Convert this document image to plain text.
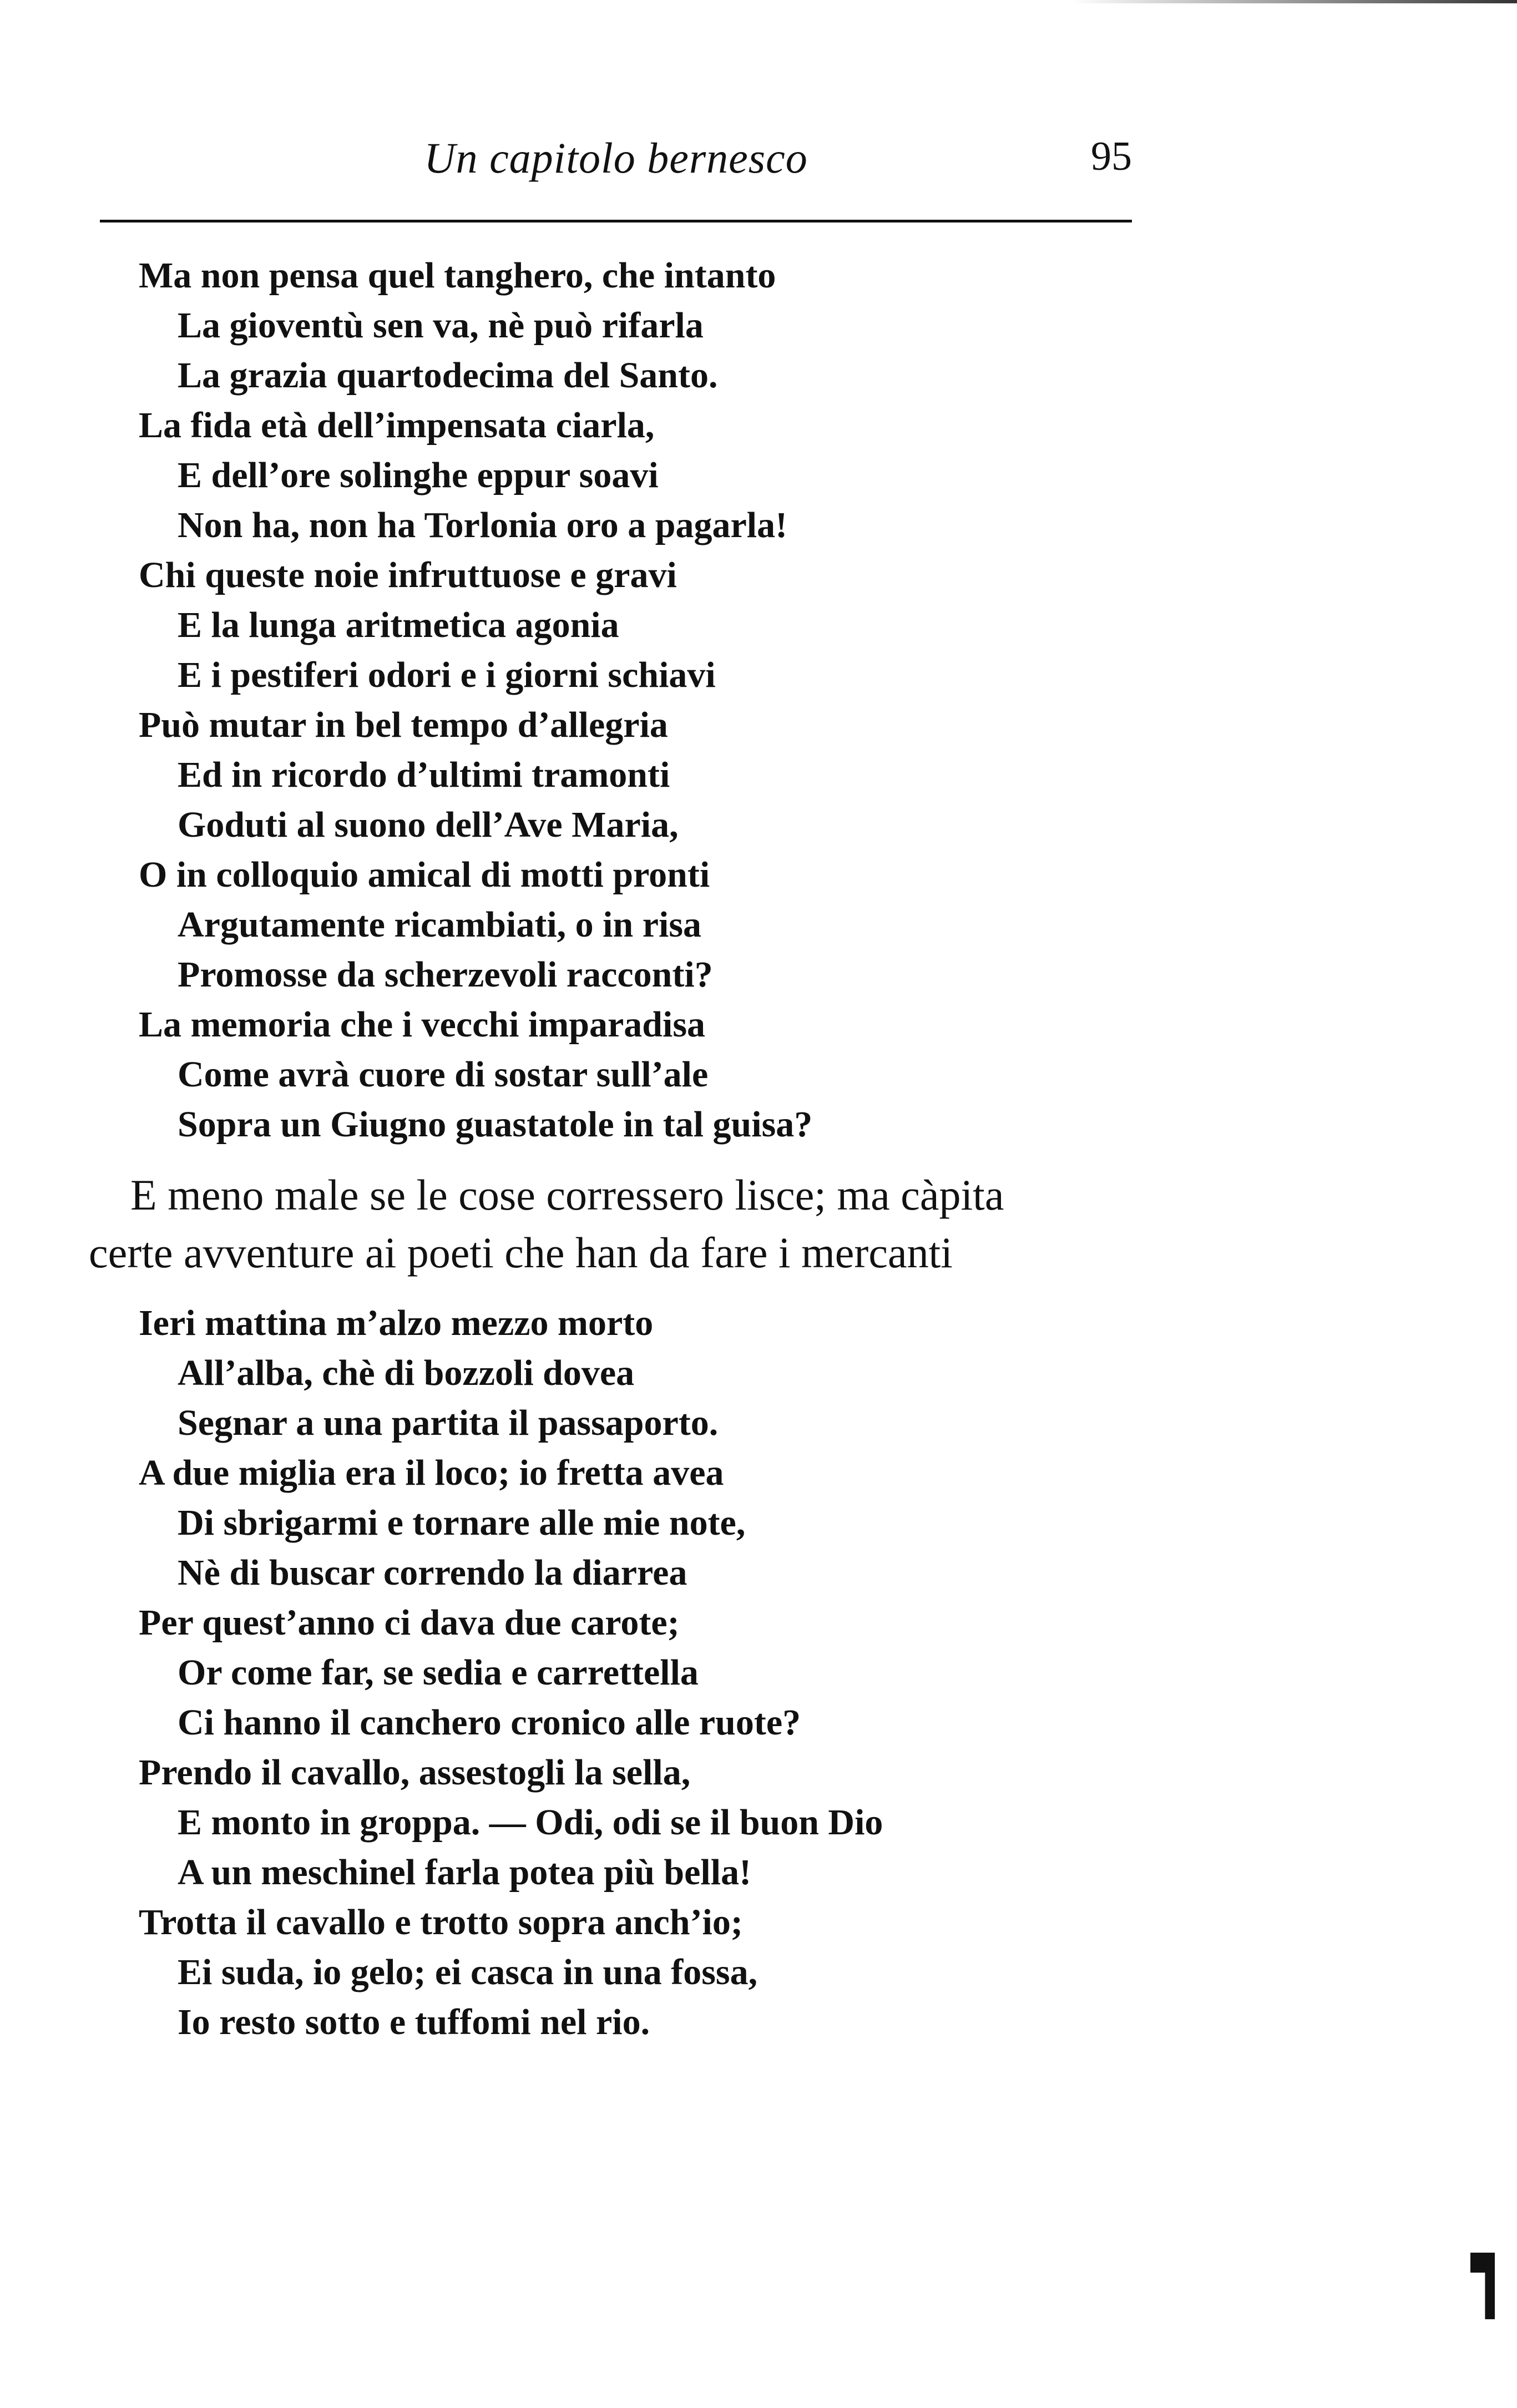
Un capitolo bernesco	95
Ma non pensa quel tanghero, che intanto
La gioventù sen va, nè può rifarla
La grazia quartodecima del Santo.
La fida età dell’impensata ciarla,
E dell’ore solinghe eppur soavi
Non ha, non ha Torlonia oro a pagarla!
Chi queste noie infruttuose e gravi
E la lunga aritmetica agonia
E i pestiferi odori e i giorni schiavi
Può mutar in bel tempo d’allegria
Ed in ricordo d’ultimi tramonti
Goduti al suono dell’Ave Maria,
O in colloquio amical di motti pronti
Argutamente ricambiati, o in risa
Promosse da scherzevoli racconti?
La memoria che i vecchi imparadisa
Come avrà cuore di sostar sull’ale
Sopra un Giugno guastatole in tal guisa?
E meno male se le cose corressero lisce; ma càpita
certe avventure ai poeti che han da fare i mercanti
Ieri mattina m’alzo mezzo morto
All’alba, chè di bozzoli dovea
Segnar a una partita il passaporto.
A due miglia era il loco; io fretta avea
Di sbrigarmi e tornare alle mie note,
Nè di buscar correndo la diarrea
Per quest’anno ci dava due carote;
Or come far, se sedia e carrettella
Ci hanno il canchero cronico alle ruote?
Prendo il cavallo, assestogli la sella,
E monto in groppa. — Odi, odi se il buon Dio
A un meschinel farla potea più bella!
Trotta il cavallo e trotto sopra anch’io;
Ei suda, io gelo; ei casca in una fossa,
Io resto sotto e tuffomi nel rio.
